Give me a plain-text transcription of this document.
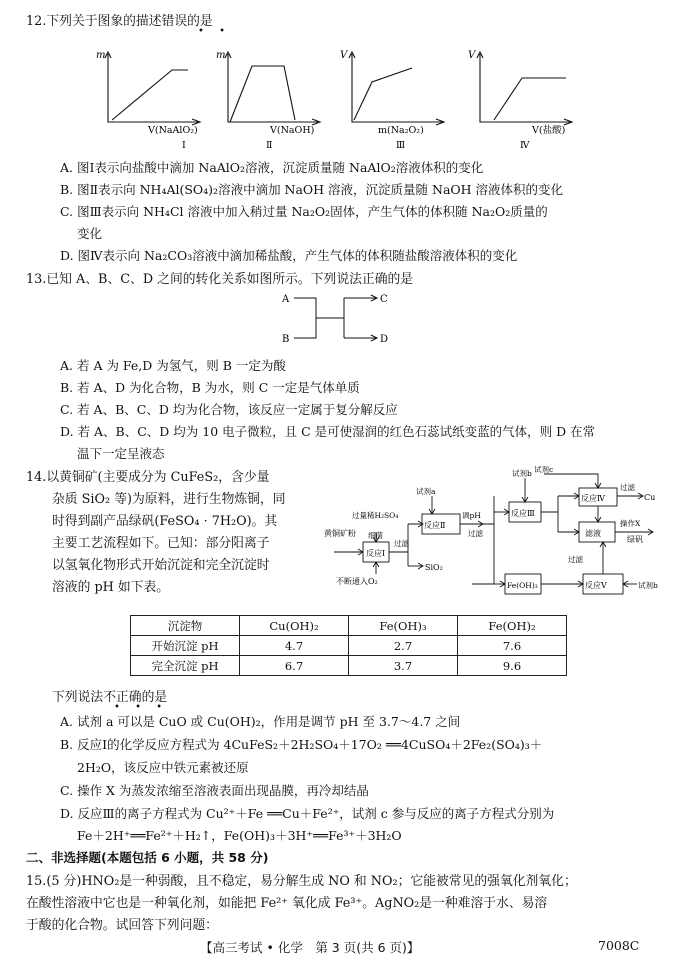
12.下列关于图象的描述错误的是
• •
m
V(NaAlO₂)
Ⅰ
m
V(NaOH)
Ⅱ
V
m(Na₂O₂)
Ⅲ
V
V(盐酸)
Ⅳ
A. 图Ⅰ表示向盐酸中滴加 NaAlO₂溶液，沉淀质量随 NaAlO₂溶液体积的变化
B. 图Ⅱ表示向 NH₄Al(SO₄)₂溶液中滴加 NaOH 溶液，沉淀质量随 NaOH 溶液体积的变化
C. 图Ⅲ表示向 NH₄Cl 溶液中加入稍过量 Na₂O₂固体，产生气体的体积随 Na₂O₂质量的
变化
D. 图Ⅳ表示向 Na₂CO₃溶液中滴加稀盐酸，产生气体的体积随盐酸溶液体积的变化
13.已知 A、B、C、D 之间的转化关系如图所示。下列说法正确的是
A
B
C
D
A. 若 A 为 Fe,D 为氢气，则 B 一定为酸
B. 若 A、D 为化合物，B 为水，则 C 一定是气体单质
C. 若 A、B、C、D 均为化合物，该反应一定属于复分解反应
D. 若 A、B、C、D 均为 10 电子微粒，且 C 是可使湿润的红色石蕊试纸变蓝的气体，则 D 在常
温下一定呈液态
14.以黄铜矿(主要成分为 CuFeS₂，含少量
杂质 SiO₂ 等)为原料，进行生物炼铜，同
时得到副产品绿矾(FeSO₄ · 7H₂O)。其
主要工艺流程如下。已知：部分阳离子
以氢氧化物形式开始沉淀和完全沉淀时
溶液的 pH 如下表。
黄铜矿粉
反应Ⅰ
过量稀H₂SO₄
细菌
不断通入O₂
过滤
SiO₂
反应Ⅱ
试剂a
调pH
过滤
反应Ⅲ
试剂b 试剂c
反应Ⅳ
过滤
Cu
滤液
操作X
绿矾
过滤
Fe(OH)₃	反应Ⅴ	试剂b
沉淀物	Cu(OH)₂	Fe(OH)₃	Fe(OH)₂
开始沉淀 pH	4.7	2.7	7.6
完全沉淀 pH	6.7	3.7	9.6
下列说法不正确的是
• • •
A. 试剂 a 可以是 CuO 或 Cu(OH)₂，作用是调节 pH 至 3.7～4.7 之间
B. 反应Ⅰ的化学反应方程式为 4CuFeS₂＋2H₂SO₄＋17O₂ ══4CuSO₄＋2Fe₂(SO₄)₃＋
2H₂O，该反应中铁元素被还原
C. 操作 X 为蒸发浓缩至溶液表面出现晶膜，再冷却结晶
D. 反应Ⅲ的离子方程式为 Cu²⁺＋Fe ══Cu＋Fe²⁺，试剂 c 参与反应的离子方程式分别为
Fe＋2H⁺══Fe²⁺＋H₂↑，Fe(OH)₃＋3H⁺══Fe³⁺＋3H₂O
二、非选择题(本题包括 6 小题，共 58 分)
15.(5 分)HNO₂是一种弱酸，且不稳定，易分解生成 NO 和 NO₂；它能被常见的强氧化剂氧化；
在酸性溶液中它也是一种氧化剂，如能把 Fe²⁺ 氧化成 Fe³⁺。AgNO₂是一种难溶于水、易溶
于酸的化合物。试回答下列问题：
【高三考试 • 化学　第 3 页(共 6 页)】	7008C
